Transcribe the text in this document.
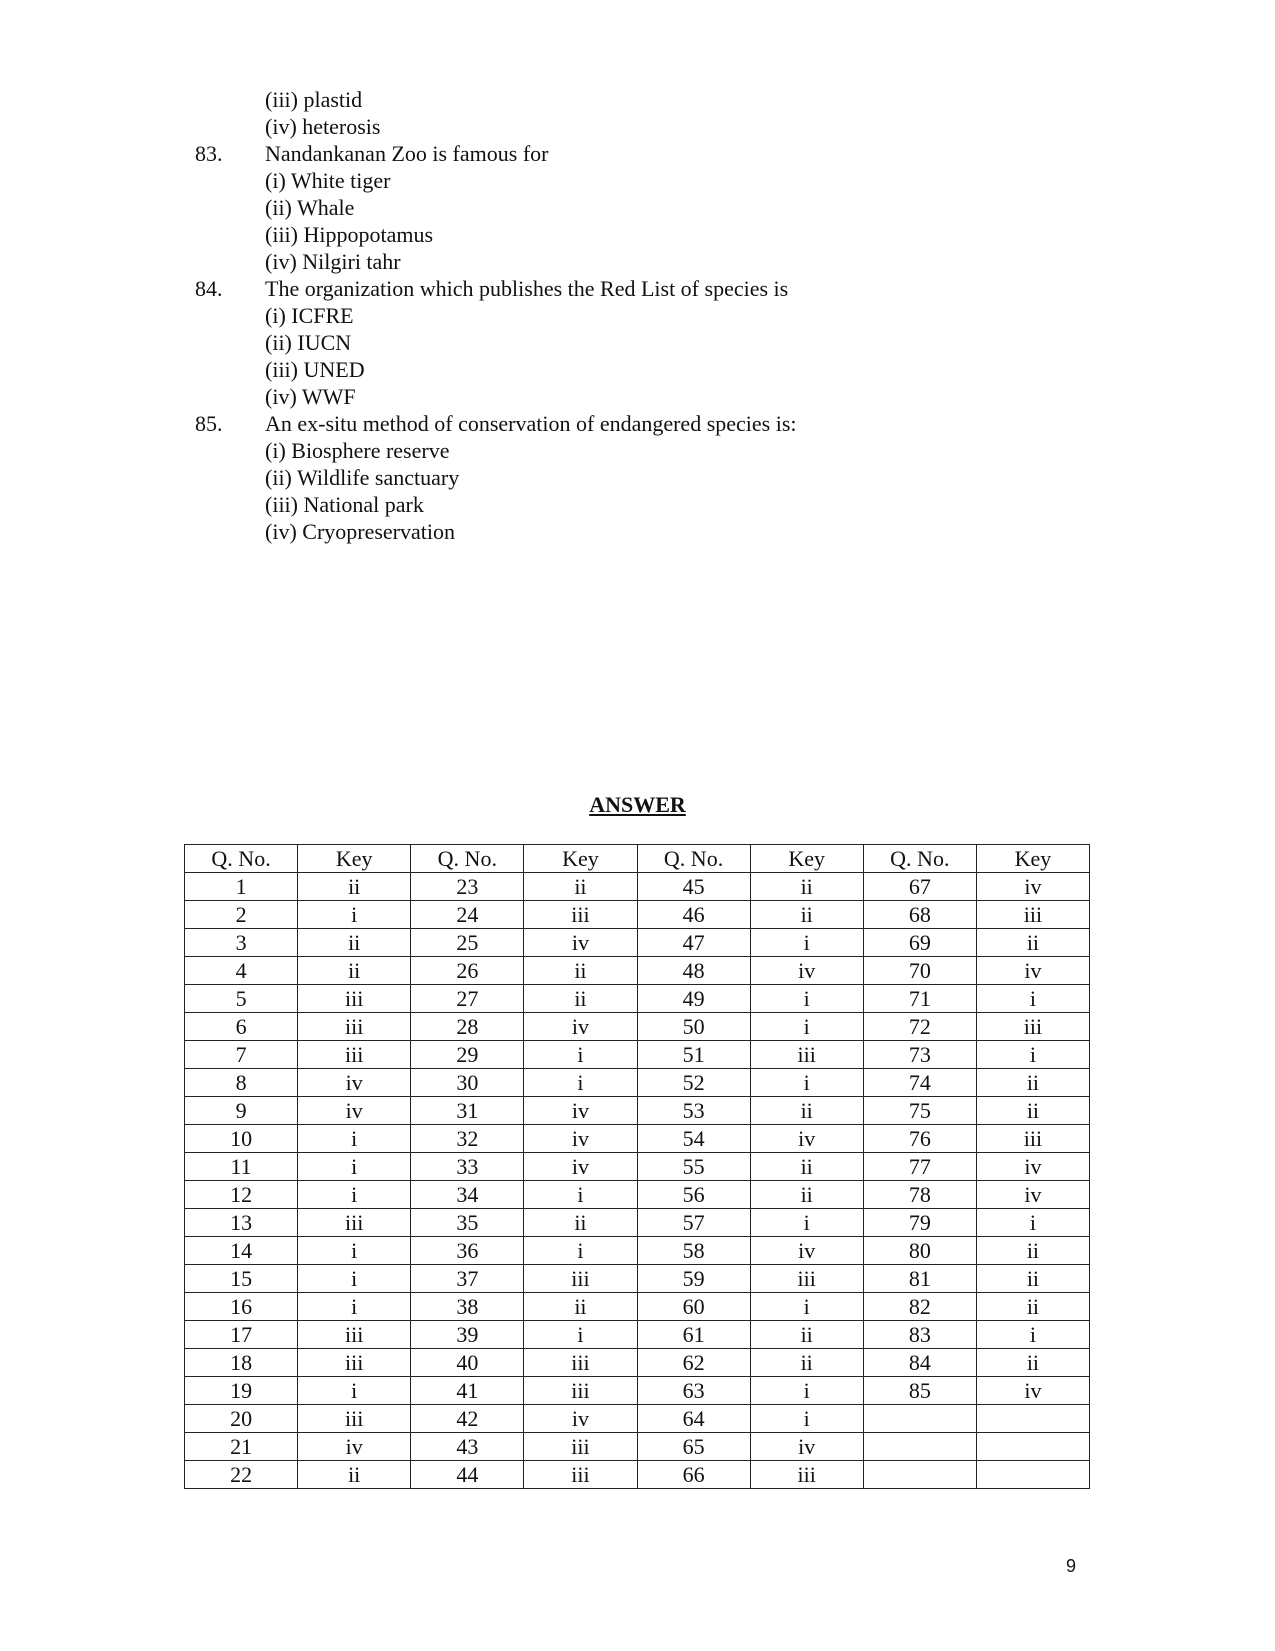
(iii) plastid
(iv) heterosis
83. Nandankanan Zoo is famous for
(i) White tiger
(ii) Whale
(iii) Hippopotamus
(iv) Nilgiri tahr
84. The organization which publishes the Red List of species is
(i) ICFRE
(ii) IUCN
(iii) UNED
(iv) WWF
85. An ex-situ method of conservation of endangered species is:
(i) Biosphere reserve
(ii) Wildlife sanctuary
(iii) National park
(iv) Cryopreservation
ANSWER
Q. No.	Key	Q. No.	Key	Q. No.	Key	Q. No.	Key
1	ii	23	ii	45	ii	67	iv
2	i	24	iii	46	ii	68	iii
3	ii	25	iv	47	i	69	ii
4	ii	26	ii	48	iv	70	iv
5	iii	27	ii	49	i	71	i
6	iii	28	iv	50	i	72	iii
7	iii	29	i	51	iii	73	i
8	iv	30	i	52	i	74	ii
9	iv	31	iv	53	ii	75	ii
10	i	32	iv	54	iv	76	iii
11	i	33	iv	55	ii	77	iv
12	i	34	i	56	ii	78	iv
13	iii	35	ii	57	i	79	i
14	i	36	i	58	iv	80	ii
15	i	37	iii	59	iii	81	ii
16	i	38	ii	60	i	82	ii
17	iii	39	i	61	ii	83	i
18	iii	40	iii	62	ii	84	ii
19	i	41	iii	63	i	85	iv
20	iii	42	iv	64	i		
21	iv	43	iii	65	iv		
22	ii	44	iii	66	iii		
9
